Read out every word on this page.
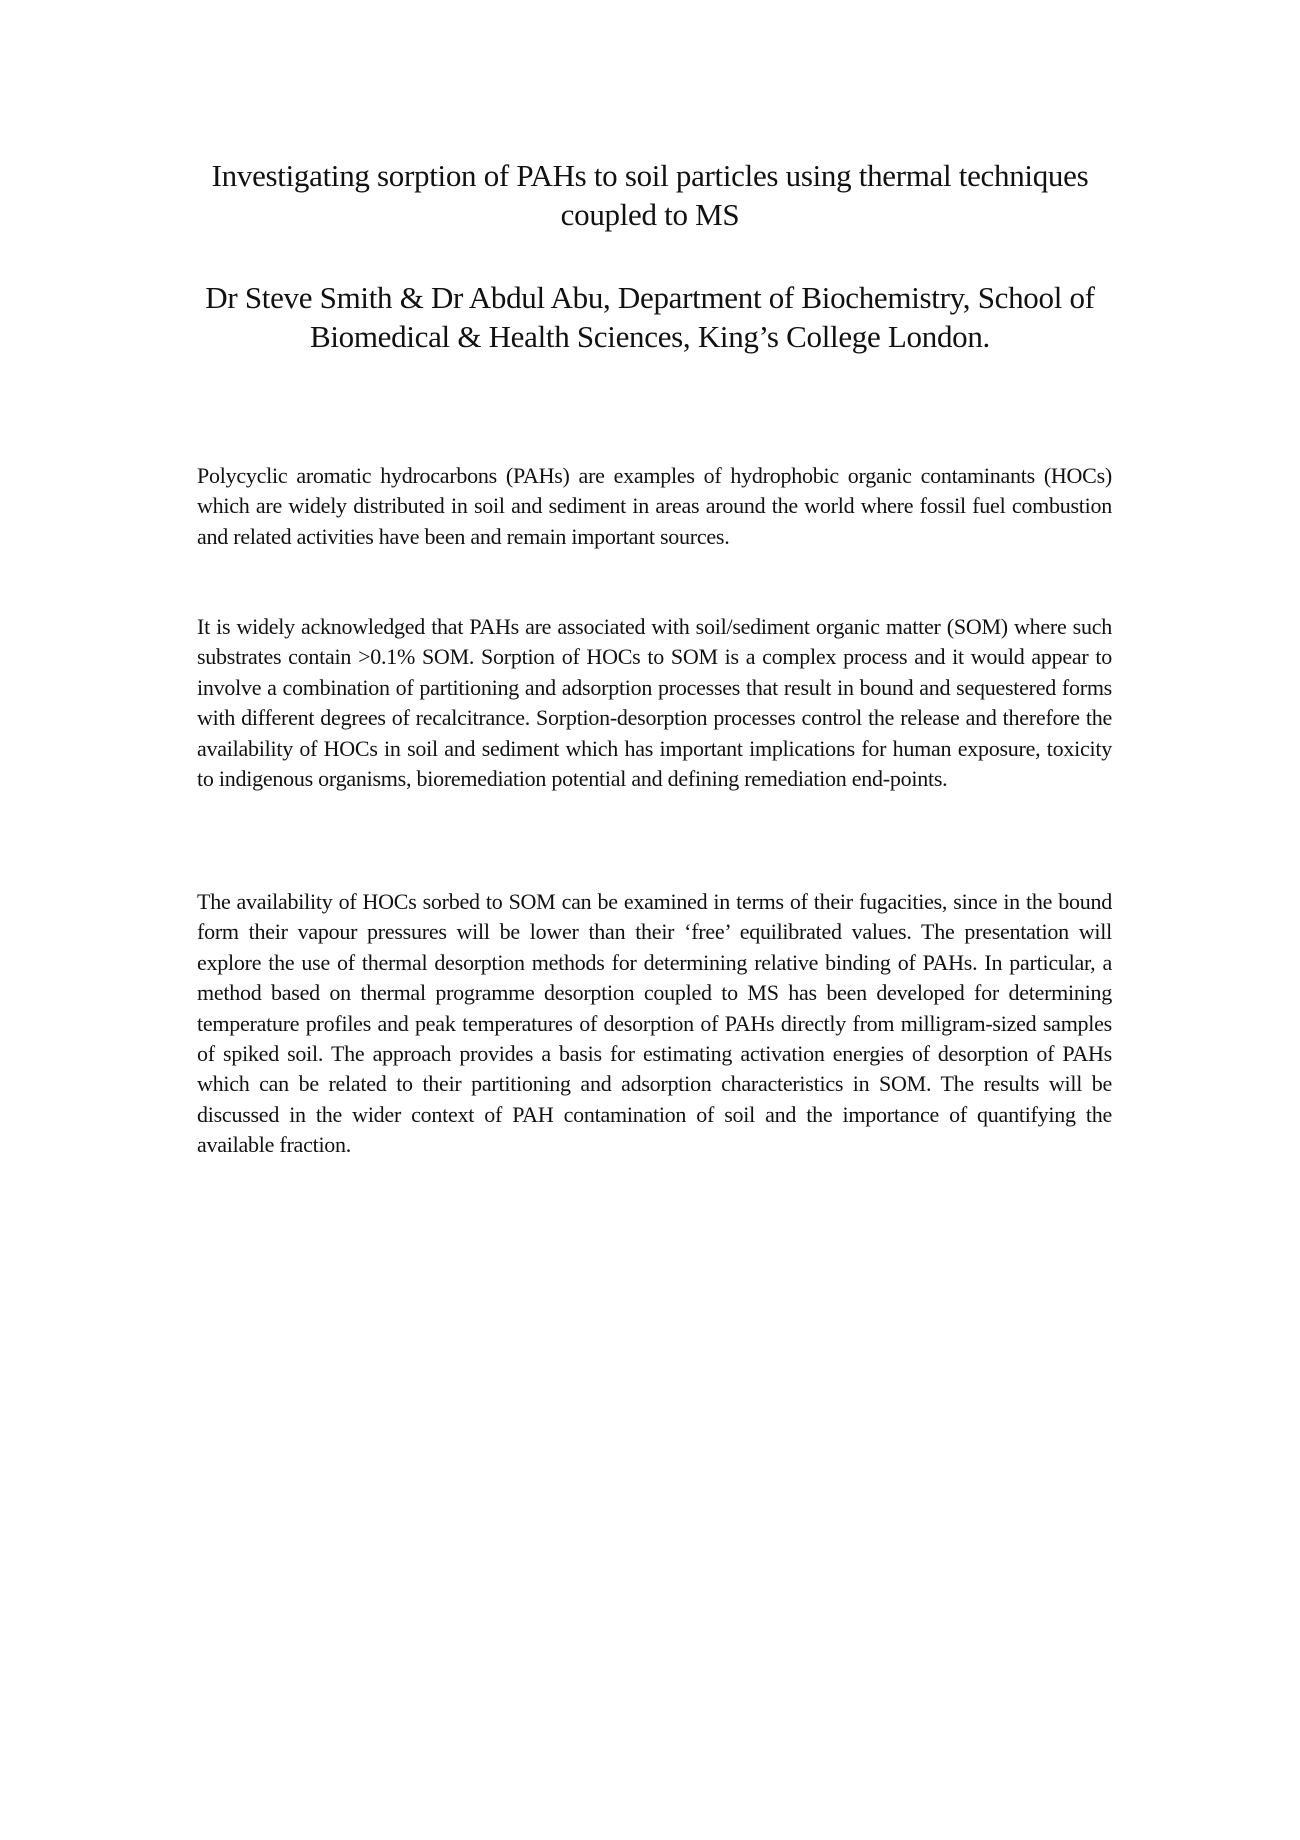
Investigating sorption of PAHs to soil particles using thermal techniques coupled to MS

Dr Steve Smith & Dr Abdul Abu, Department of Biochemistry, School of Biomedical & Health Sciences, King’s College London.

Polycyclic aromatic hydrocarbons (PAHs) are examples of hydrophobic organic contaminants (HOCs) which are widely distributed in soil and sediment in areas around the world where fossil fuel combustion and related activities have been and remain important sources.

It is widely acknowledged that PAHs are associated with soil/sediment organic matter (SOM) where such substrates contain >0.1% SOM. Sorption of HOCs to SOM is a complex process and it would appear to involve a combination of partitioning and adsorption processes that result in bound and sequestered forms with different degrees of recalcitrance. Sorption-desorption processes control the release and therefore the availability of HOCs in soil and sediment which has important implications for human exposure, toxicity to indigenous organisms, bioremediation potential and defining remediation end-points.

The availability of HOCs sorbed to SOM can be examined in terms of their fugacities, since in the bound form their vapour pressures will be lower than their ‘free’ equilibrated values. The presentation will explore the use of thermal desorption methods for determining relative binding of PAHs. In particular, a method based on thermal programme desorption coupled to MS has been developed for determining temperature profiles and peak temperatures of desorption of PAHs directly from milligram-sized samples of spiked soil. The approach provides a basis for estimating activation energies of desorption of PAHs which can be related to their partitioning and adsorption characteristics in SOM. The results will be discussed in the wider context of PAH contamination of soil and the importance of quantifying the available fraction.
